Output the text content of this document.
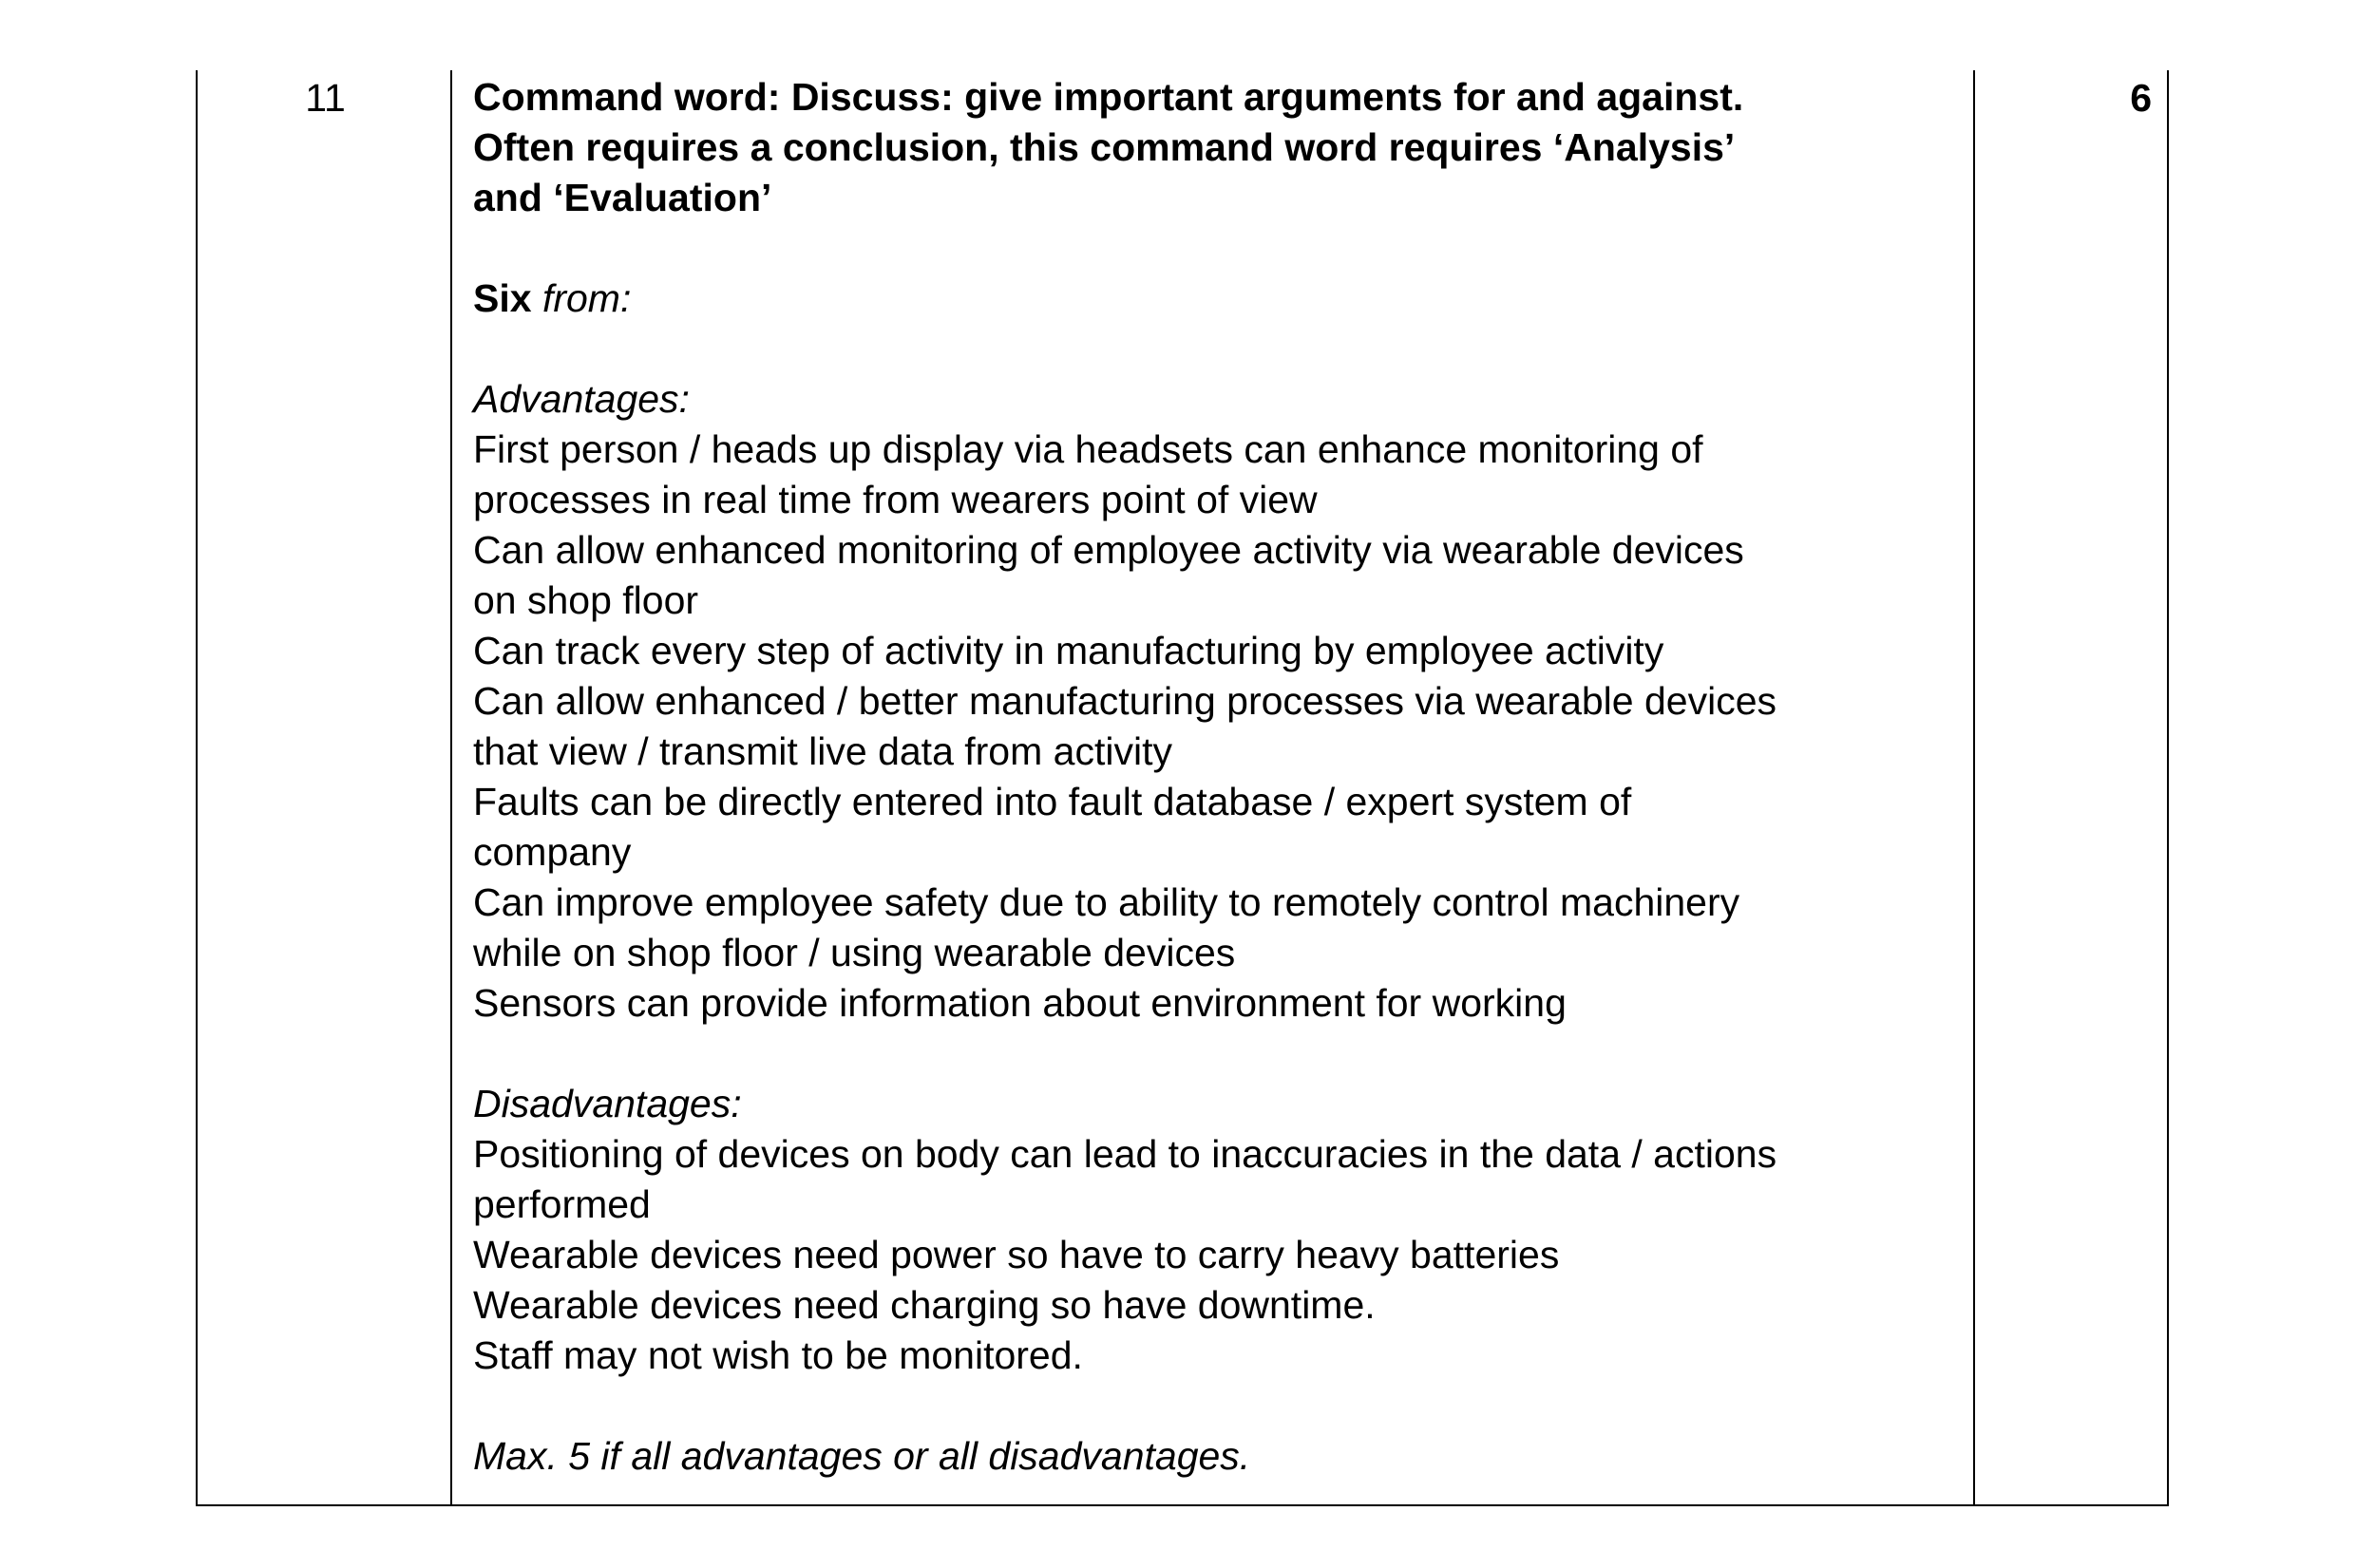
11	Command word: Discuss: give important arguments for and against.

Often requires a conclusion, this command word requires ‘Analysis’

and ‘Evaluation’

Six from:

Advantages:

First person / heads up display via headsets can enhance monitoring of

processes in real time from wearers point of view

Can allow enhanced monitoring of employee activity via wearable devices

on shop floor

Can track every step of activity in manufacturing by employee activity

Can allow enhanced / better manufacturing processes via wearable devices

that view / transmit live data from activity

Faults can be directly entered into fault database / expert system of

company

Can improve employee safety due to ability to remotely control machinery

while on shop floor / using wearable devices

Sensors can provide information about environment for working

Disadvantages:

Positioning of devices on body can lead to inaccuracies in the data / actions

performed

Wearable devices need power so have to carry heavy batteries

Wearable devices need charging so have downtime.

Staff may not wish to be monitored.

Max. 5 if all advantages or all disadvantages.

6
